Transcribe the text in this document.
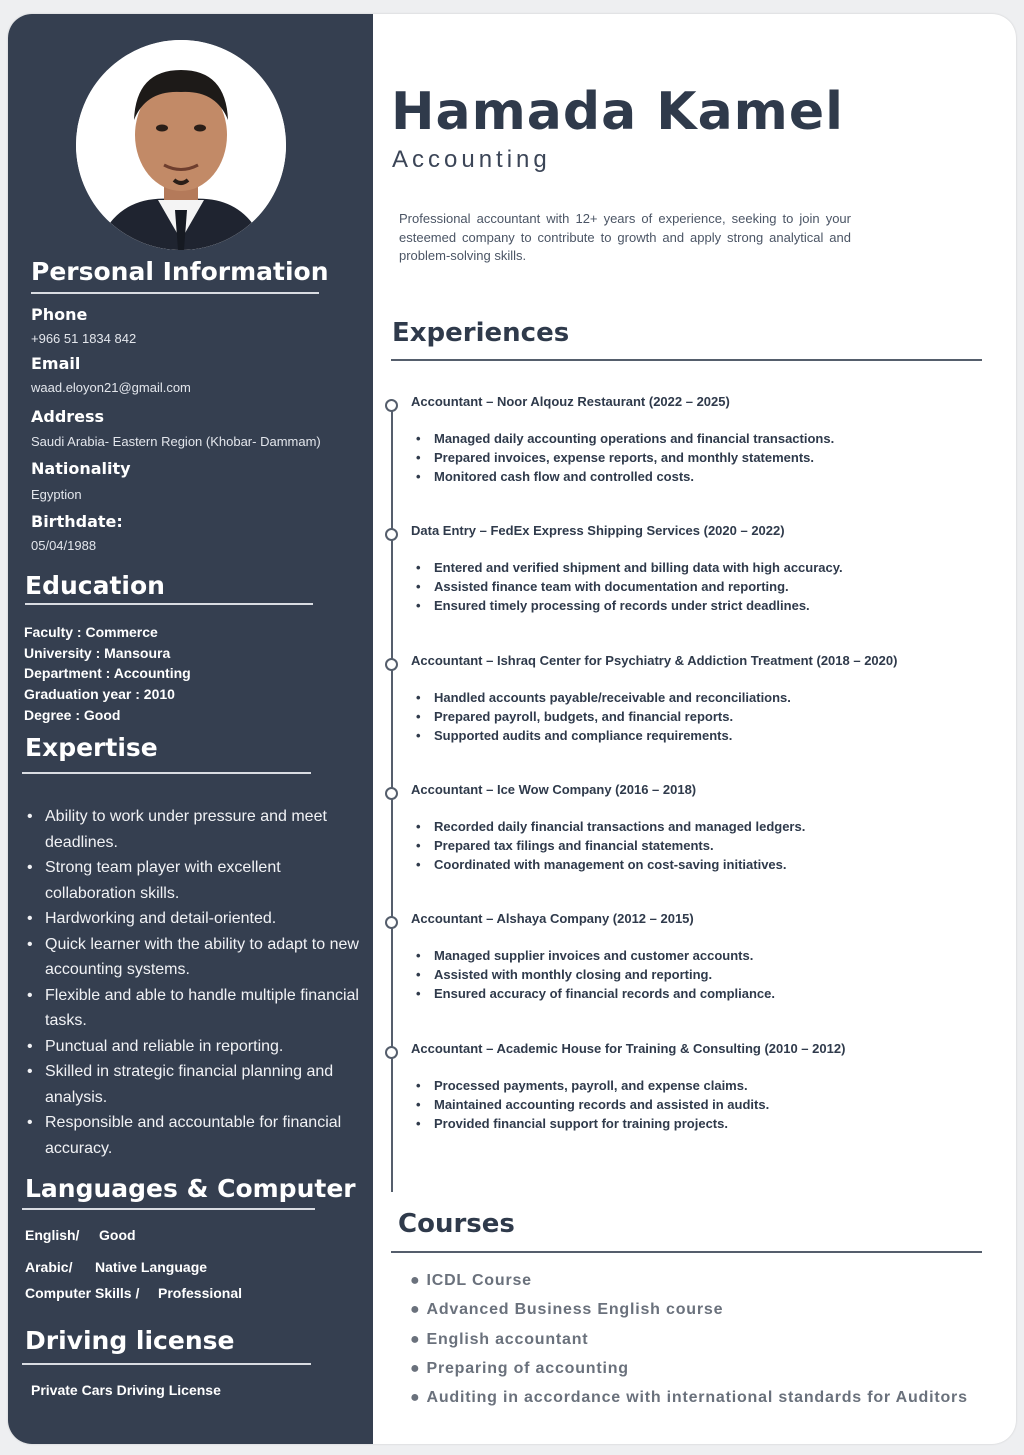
Personal Information
Phone
+966 51 1834 842
Email
waad.eloyon21@gmail.com
Address
Saudi Arabia- Eastern Region (Khobar- Dammam)
Nationality
Egyption
Birthdate:
05/04/1988
Education
Faculty : Commerce
University : Mansoura
Department : Accounting
Graduation year : 2010
Degree : Good
Expertise
• Ability to work under pressure and meet deadlines.
• Strong team player with excellent collaboration skills.
• Hardworking and detail-oriented.
• Quick learner with the ability to adapt to new accounting systems.
• Flexible and able to handle multiple financial tasks.
• Punctual and reliable in reporting.
• Skilled in strategic financial planning and analysis.
• Responsible and accountable for financial accuracy.
Languages & Computer
English/ Good
Arabic/ Native Language
Computer Skills / Professional
Driving license
Private Cars Driving License
Hamada Kamel
Accounting
Professional accountant with 12+ years of experience, seeking to join your esteemed company to contribute to growth and apply strong analytical and problem-solving skills.
Experiences
Accountant – Noor Alqouz Restaurant (2022 – 2025)
• Managed daily accounting operations and financial transactions.
• Prepared invoices, expense reports, and monthly statements.
• Monitored cash flow and controlled costs.
Data Entry – FedEx Express Shipping Services (2020 – 2022)
• Entered and verified shipment and billing data with high accuracy.
• Assisted finance team with documentation and reporting.
• Ensured timely processing of records under strict deadlines.
Accountant – Ishraq Center for Psychiatry & Addiction Treatment (2018 – 2020)
• Handled accounts payable/receivable and reconciliations.
• Prepared payroll, budgets, and financial reports.
• Supported audits and compliance requirements.
Accountant – Ice Wow Company (2016 – 2018)
• Recorded daily financial transactions and managed ledgers.
• Prepared tax filings and financial statements.
• Coordinated with management on cost-saving initiatives.
Accountant – Alshaya Company (2012 – 2015)
• Managed supplier invoices and customer accounts.
• Assisted with monthly closing and reporting.
• Ensured accuracy of financial records and compliance.
Accountant – Academic House for Training & Consulting (2010 – 2012)
• Processed payments, payroll, and expense claims.
• Maintained accounting records and assisted in audits.
• Provided financial support for training projects.
Courses
● ICDL Course
● Advanced Business English course
● English accountant
● Preparing of accounting
● Auditing in accordance with international standards for Auditors
